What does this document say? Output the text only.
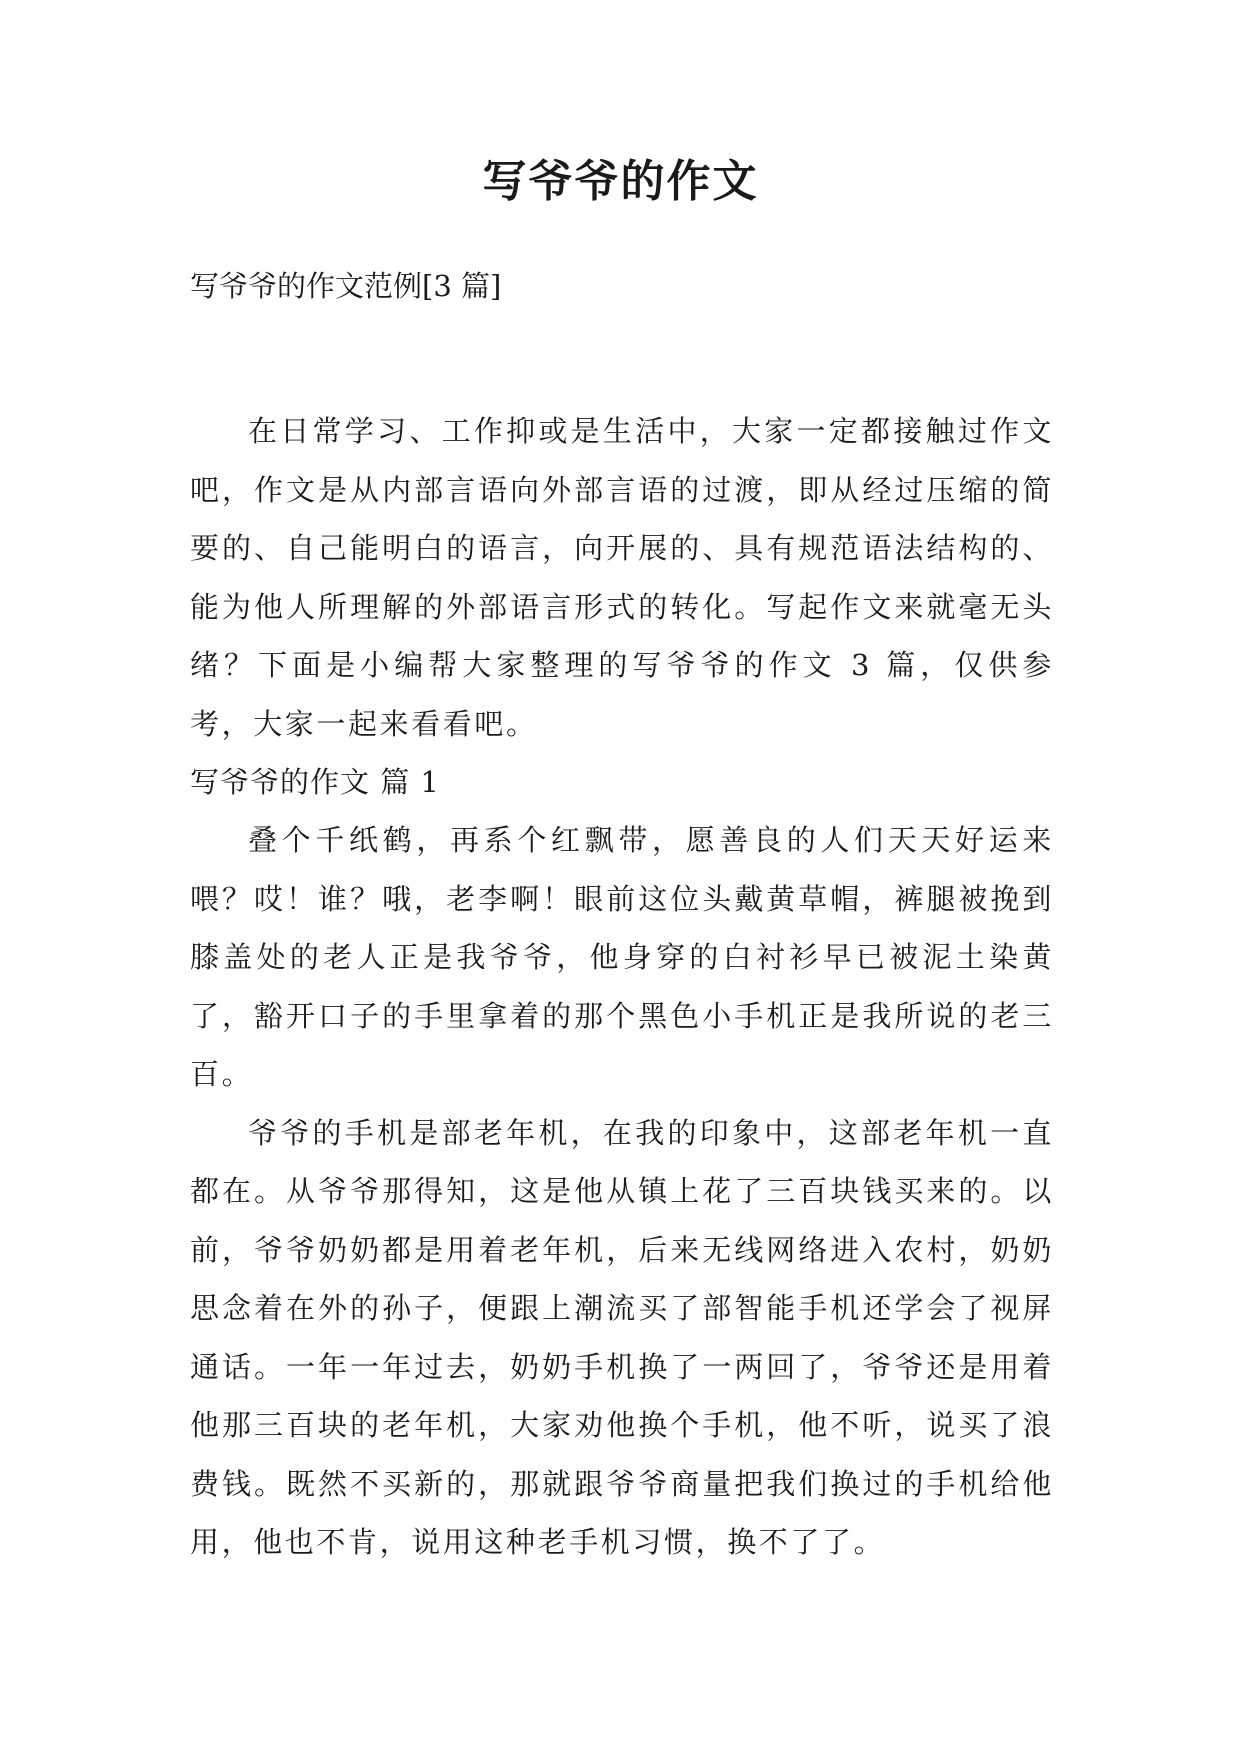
写爷爷的作文

写爷爷的作文范例[3 篇]

在日常学习、工作抑或是生活中，大家一定都接触过作文吧，作文是从内部言语向外部言语的过渡，即从经过压缩的简要的、自己能明白的语言，向开展的、具有规范语法结构的、能为他人所理解的外部语言形式的转化。写起作文来就毫无头绪？下面是小编帮大家整理的写爷爷的作文 3 篇，仅供参考，大家一起来看看吧。

写爷爷的作文 篇 1

叠个千纸鹤，再系个红飘带，愿善良的人们天天好运来喂？哎！谁？哦，老李啊！眼前这位头戴黄草帽，裤腿被挽到膝盖处的老人正是我爷爷，他身穿的白衬衫早已被泥土染黄了，豁开口子的手里拿着的那个黑色小手机正是我所说的老三百。

爷爷的手机是部老年机，在我的印象中，这部老年机一直都在。从爷爷那得知，这是他从镇上花了三百块钱买来的。以前，爷爷奶奶都是用着老年机，后来无线网络进入农村，奶奶思念着在外的孙子，便跟上潮流买了部智能手机还学会了视屏通话。一年一年过去，奶奶手机换了一两回了，爷爷还是用着他那三百块的老年机，大家劝他换个手机，他不听，说买了浪费钱。既然不买新的，那就跟爷爷商量把我们换过的手机给他用，他也不肯，说用这种老手机习惯，换不了了。
